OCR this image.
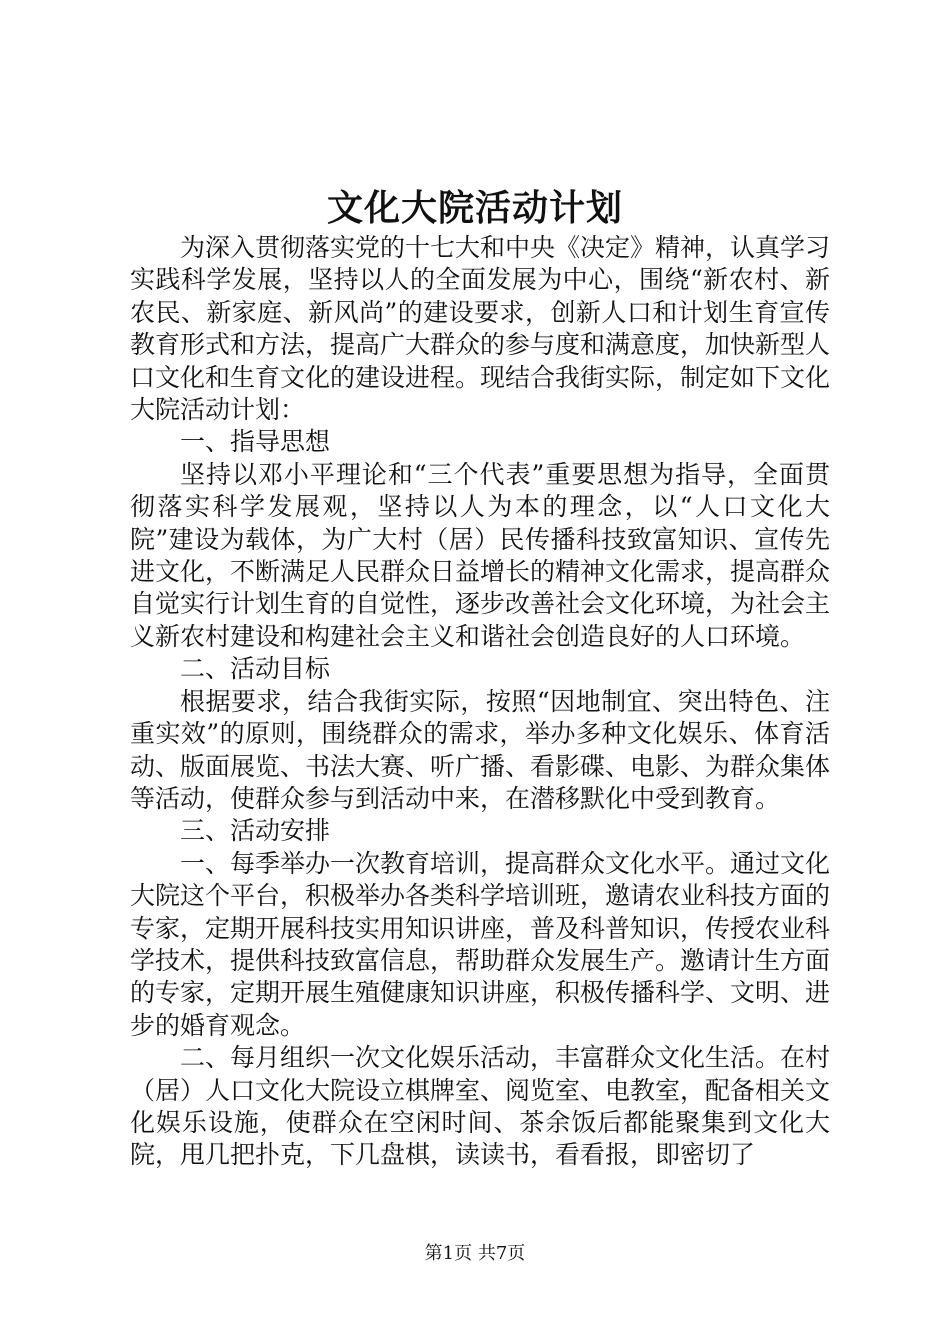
文化大院活动计划

为深入贯彻落实党的十七大和中央《决定》精神，认真学习实践科学发展，坚持以人的全面发展为中心，围绕“新农村、新农民、新家庭、新风尚”的建设要求，创新人口和计划生育宣传教育形式和方法，提高广大群众的参与度和满意度，加快新型人口文化和生育文化的建设进程。现结合我街实际，制定如下文化大院活动计划：

一、指导思想

坚持以邓小平理论和“三个代表”重要思想为指导，全面贯彻落实科学发展观，坚持以人为本的理念，以“人口文化大院”建设为载体，为广大村（居）民传播科技致富知识、宣传先进文化，不断满足人民群众日益增长的精神文化需求，提高群众自觉实行计划生育的自觉性，逐步改善社会文化环境，为社会主义新农村建设和构建社会主义和谐社会创造良好的人口环境。

二、活动目标

根据要求，结合我街实际，按照“因地制宜、突出特色、注重实效”的原则，围绕群众的需求，举办多种文化娱乐、体育活动、版面展览、书法大赛、听广播、看影碟、电影、为群众集体等活动，使群众参与到活动中来，在潜移默化中受到教育。

三、活动安排

一、每季举办一次教育培训，提高群众文化水平。通过文化大院这个平台，积极举办各类科学培训班，邀请农业科技方面的专家，定期开展科技实用知识讲座，普及科普知识，传授农业科学技术，提供科技致富信息，帮助群众发展生产。邀请计生方面的专家，定期开展生殖健康知识讲座，积极传播科学、文明、进步的婚育观念。

二、每月组织一次文化娱乐活动，丰富群众文化生活。在村（居）人口文化大院设立棋牌室、阅览室、电教室，配备相关文化娱乐设施，使群众在空闲时间、茶余饭后都能聚集到文化大院，甩几把扑克，下几盘棋，读读书，看看报，即密切了

第1页 共7页
